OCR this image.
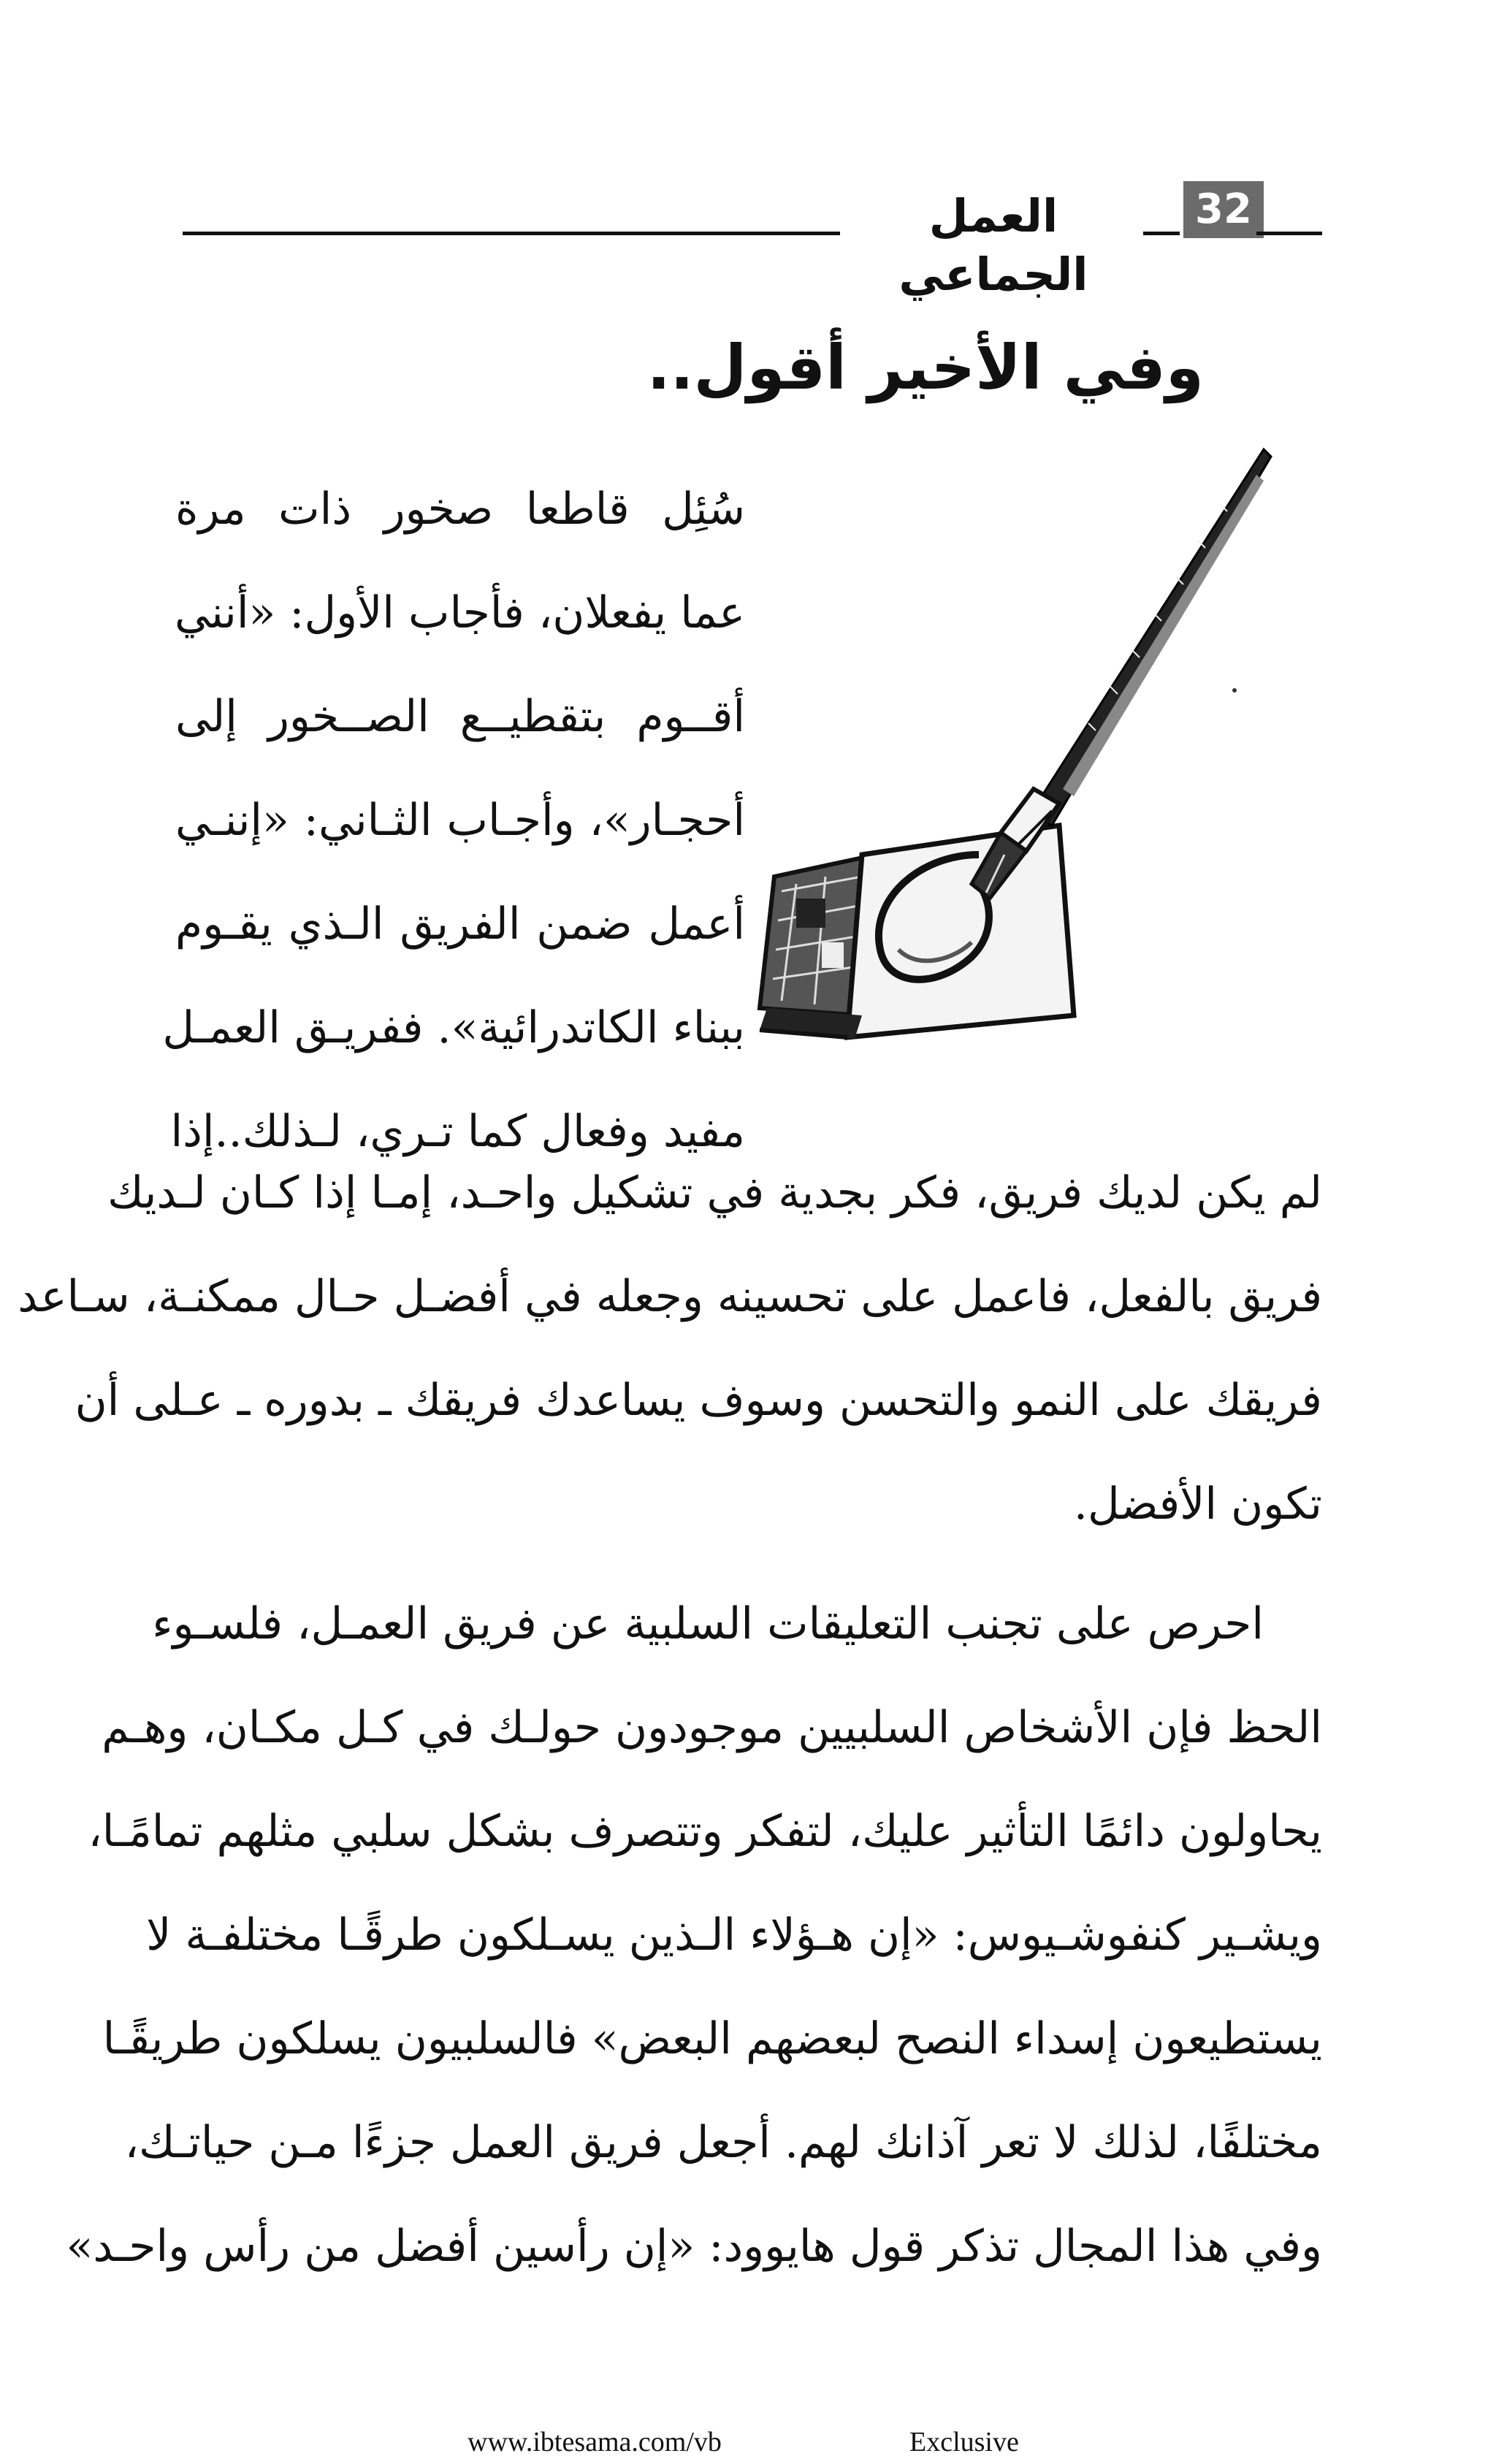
العمل الجماعي
32
وفي الأخير أقول..
سُئِل قاطعا صخور ذات مرة
عما يفعلان، فأجاب الأول: «أنني
أقــوم بتقطيــع الصــخور إلى
أحجـار»، وأجـاب الثـاني: «إننـي
أعمل ضمن الفريق الـذي يقـوم
ببناء الكاتدرائية». ففريـق العمـل
مفيد وفعال كما تـري، لـذلك..إذا
لم يكن لديك فريق، فكر بجدية في تشكيل واحـد، إمـا إذا كـان لـديك
فريق بالفعل، فاعمل على تحسينه وجعله في أفضـل حـال ممكنـة، سـاعد
فريقك على النمو والتحسن وسوف يساعدك فريقك ـ بدوره ـ عـلى أن
تكون الأفضل.
احرص على تجنب التعليقات السلبية عن فريق العمـل، فلسـوء
الحظ فإن الأشخاص السلبيين موجودون حولـك في كـل مكـان، وهـم
يحاولون دائمًا التأثير عليك، لتفكر وتتصرف بشكل سلبي مثلهم تمامًـا،
ويشـير كنفوشـيوس: «إن هـؤلاء الـذين يسـلكون طرقًـا مختلفـة لا
يستطيعون إسداء النصح لبعضهم البعض» فالسلبيون يسلكون طريقًـا
مختلفًا، لذلك لا تعر آذانك لهم. أجعل فريق العمل جزءًا مـن حياتـك،
وفي هذا المجال تذكر قول هايوود: «إن رأسين أفضل من رأس واحـد»
www.ibtesama.com/vb	Exclusive
